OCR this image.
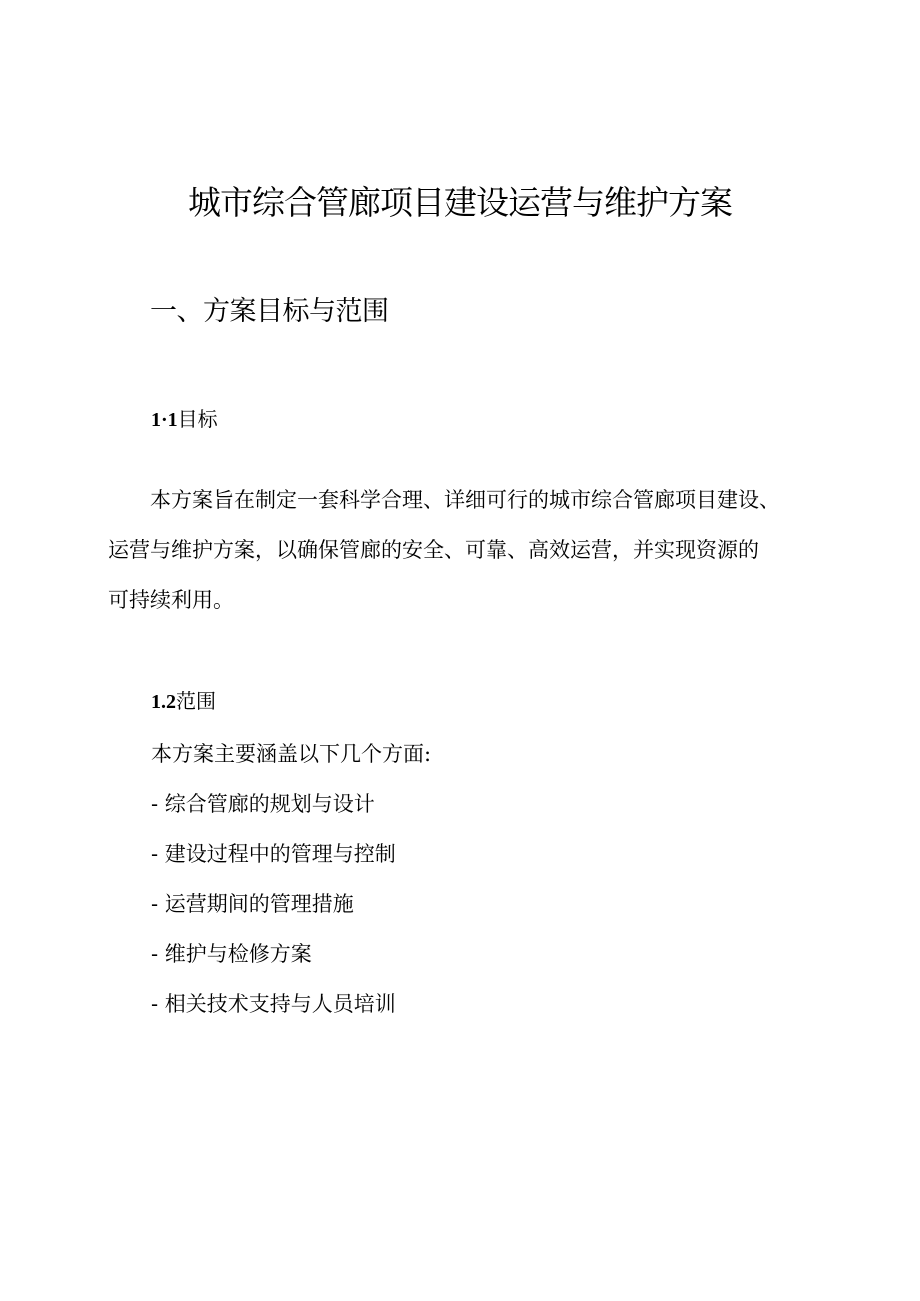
城市综合管廊项目建设运营与维护方案
一、方案目标与范围
1·1目标
本方案旨在制定一套科学合理、详细可行的城市综合管廊项目建设、
运营与维护方案，以确保管廊的安全、可靠、高效运营，并实现资源的
可持续利用。
1.2范围
本方案主要涵盖以下几个方面:
- 综合管廊的规划与设计
- 建设过程中的管理与控制
- 运营期间的管理措施
- 维护与检修方案
- 相关技术支持与人员培训
